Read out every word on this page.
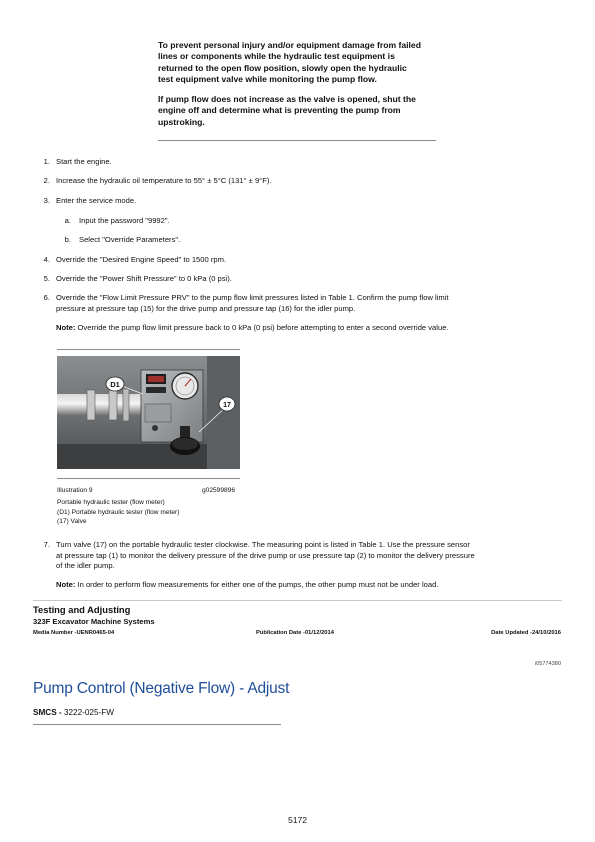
To prevent personal injury and/or equipment damage from failed

lines or components while the hydraulic test equipment is

returned to the open flow position, slowly open the hydraulic

test equipment valve while monitoring the pump flow.

If pump flow does not increase as the valve is opened, shut the

engine off and determine what is preventing the pump from

upstroking.

1. Start the engine.
2. Increase the hydraulic oil temperature to 55° ± 5°C (131° ± 9°F).
3. Enter the service mode.
a. Input the password "9992".
b. Select "Override Parameters".
4. Override the "Desired Engine Speed" to 1500 rpm.
5. Override the "Power Shift Pressure" to 0 kPa (0 psi).
6. Override the "Flow Limit Pressure PRV" to the pump flow limit pressures listed in Table 1. Confirm the pump flow limit
pressure at pressure tap (15) for the drive pump and pressure tap (16) for the idler pump.
Note: Override the pump flow limit pressure back to 0 kPa (0 psi) before attempting to enter a second override value.
D1
17
Illustration 9	g02599896
Portable hydraulic tester (flow meter)
(D1) Portable hydraulic tester (flow meter)
(17) Valve
7. Turn valve (17) on the portable hydraulic tester clockwise. The measuring point is listed in Table 1. Use the pressure sensor
at pressure tap (1) to monitor the delivery pressure of the drive pump or use pressure tap (2) to monitor the delivery pressure
of the idler pump.
Note: In order to perform flow measurements for either one of the pumps, the other pump must not be under load.
Testing and Adjusting
323F Excavator Machine Systems
Media Number -UENR0465-04	Publication Date -01/12/2014	Date Updated -24/10/2016
i05774380
Pump Control (Negative Flow) - Adjust
SMCS - 3222-025-FW
5172
